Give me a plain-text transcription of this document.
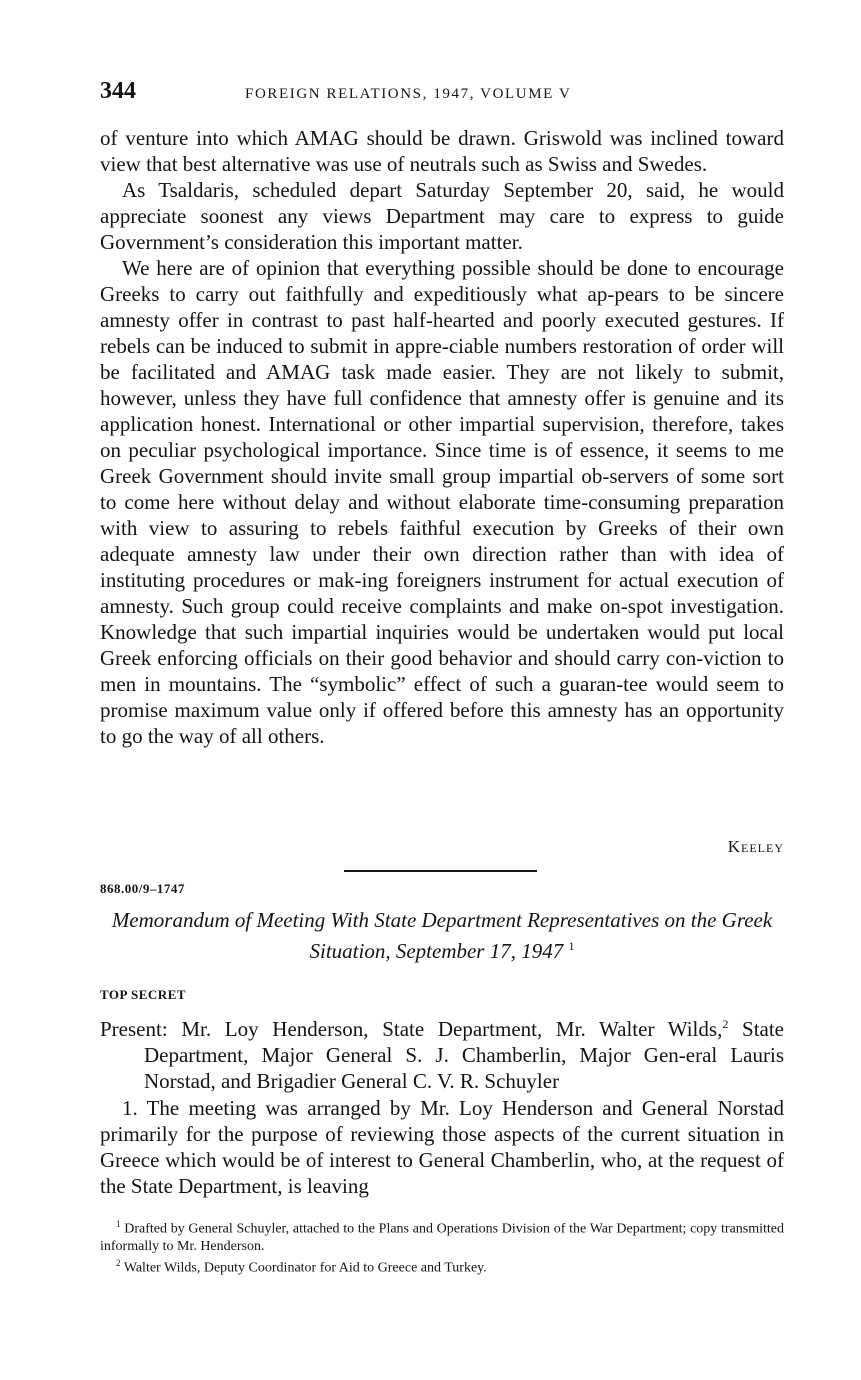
344	FOREIGN RELATIONS, 1947, VOLUME V

of venture into which AMAG should be drawn. Griswold was inclined toward view that best alternative was use of neutrals such as Swiss and Swedes.

As Tsaldaris, scheduled depart Saturday September 20, said, he would appreciate soonest any views Department may care to express to guide Government’s consideration this important matter.

We here are of opinion that everything possible should be done to encourage Greeks to carry out faithfully and expeditiously what ap-pears to be sincere amnesty offer in contrast to past half-hearted and poorly executed gestures. If rebels can be induced to submit in appre-ciable numbers restoration of order will be facilitated and AMAG task made easier. They are not likely to submit, however, unless they have full confidence that amnesty offer is genuine and its application honest. International or other impartial supervision, therefore, takes on peculiar psychological importance. Since time is of essence, it seems to me Greek Government should invite small group impartial ob-servers of some sort to come here without delay and without elaborate time-consuming preparation with view to assuring to rebels faithful execution by Greeks of their own adequate amnesty law under their own direction rather than with idea of instituting procedures or mak-ing foreigners instrument for actual execution of amnesty. Such group could receive complaints and make on-spot investigation. Knowledge that such impartial inquiries would be undertaken would put local Greek enforcing officials on their good behavior and should carry con-viction to men in mountains. The “symbolic” effect of such a guaran-tee would seem to promise maximum value only if offered before this amnesty has an opportunity to go the way of all others.

Keeley
868.00/9–1747
Memorandum of Meeting With State Department Representatives on the Greek Situation, September 17, 1947 $^1$
TOP SECRET
Present: Mr. Loy Henderson, State Department, Mr. Walter Wilds,$^2$ State Department, Major General S. J. Chamberlin, Major Gen-eral Lauris Norstad, and Brigadier General C. V. R. Schuyler
1. The meeting was arranged by Mr. Loy Henderson and General Norstad primarily for the purpose of reviewing those aspects of the current situation in Greece which would be of interest to General Chamberlin, who, at the request of the State Department, is leaving

$^1$ Drafted by General Schuyler, attached to the Plans and Operations Division of the War Department; copy transmitted informally to Mr. Henderson.

$^2$ Walter Wilds, Deputy Coordinator for Aid to Greece and Turkey.
